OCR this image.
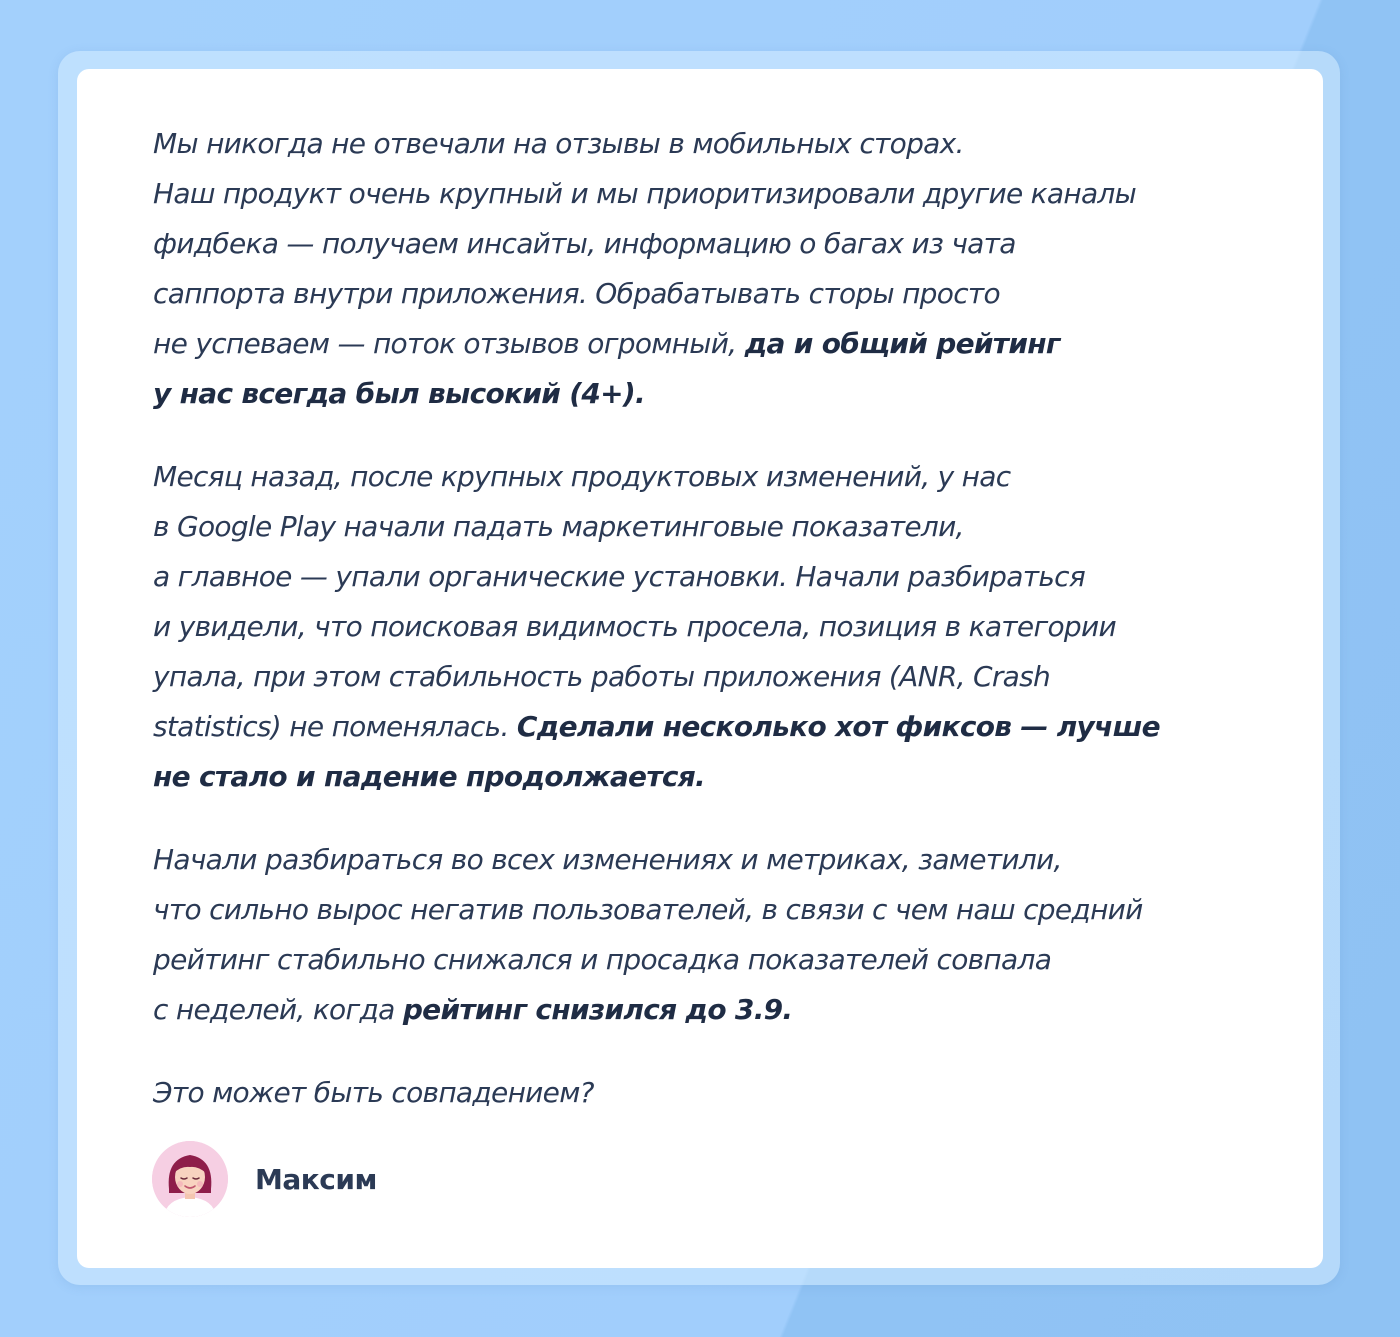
Мы никогда не отвечали на отзывы в мобильных сторах.
Наш продукт очень крупный и мы приоритизировали другие каналы
фидбека — получаем инсайты, информацию о багах из чата
саппорта внутри приложения. Обрабатывать сторы просто
не успеваем — поток отзывов огромный, да и общий рейтинг
у нас всегда был высокий (4+).

Месяц назад, после крупных продуктовых изменений, у нас
в Google Play начали падать маркетинговые показатели,
а главное — упали органические установки. Начали разбираться
и увидели, что поисковая видимость просела, позиция в категории
упала, при этом стабильность работы приложения (ANR, Crash
statistics) не поменялась. Сделали несколько хот фиксов — лучше
не стало и падение продолжается.

Начали разбираться во всех изменениях и метриках, заметили,
что сильно вырос негатив пользователей, в связи с чем наш средний
рейтинг стабильно снижался и просадка показателей совпала
с неделей, когда рейтинг снизился до 3.9.

Это может быть совпадением?

Максим
